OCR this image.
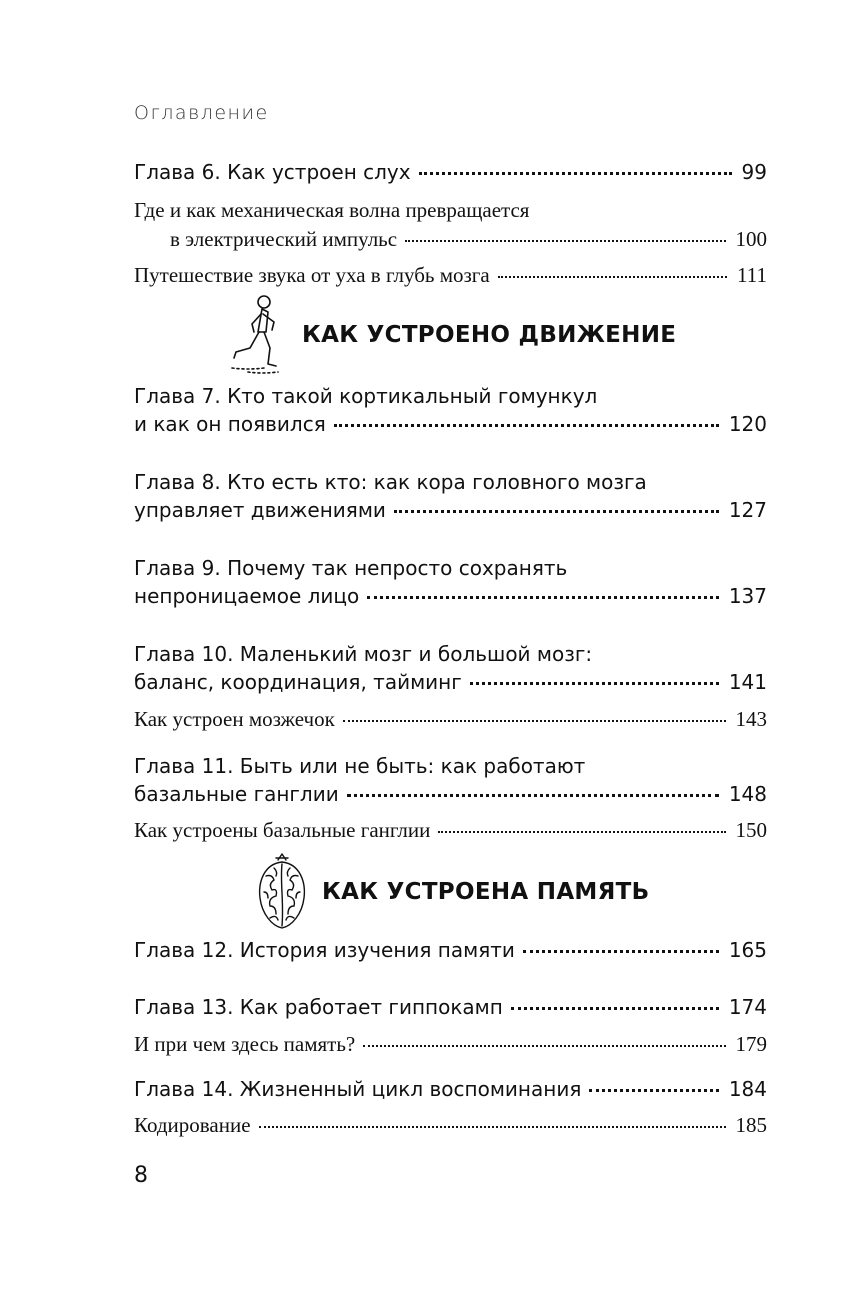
Оглавление
Глава 6. Как устроен слух	99
Где и как механическая волна превращается
в электрический импульс	100
Путешествие звука от уха в глубь мозга	111
КАК УСТРОЕНО ДВИЖЕНИЕ
Глава 7. Кто такой кортикальный гомункул
и как он появился	120
Глава 8. Кто есть кто: как кора головного мозга
управляет движениями	127
Глава 9. Почему так непросто сохранять
непроницаемое лицо	137
Глава 10. Маленький мозг и большой мозг:
баланс, координация, тайминг	141
Как устроен мозжечок	143
Глава 11. Быть или не быть: как работают
базальные ганглии	148
Как устроены базальные ганглии	150
КАК УСТРОЕНА ПАМЯТЬ
Глава 12. История изучения памяти	165
Глава 13. Как работает гиппокамп	174
И при чем здесь память?	179
Глава 14. Жизненный цикл воспоминания	184
Кодирование	185
8
